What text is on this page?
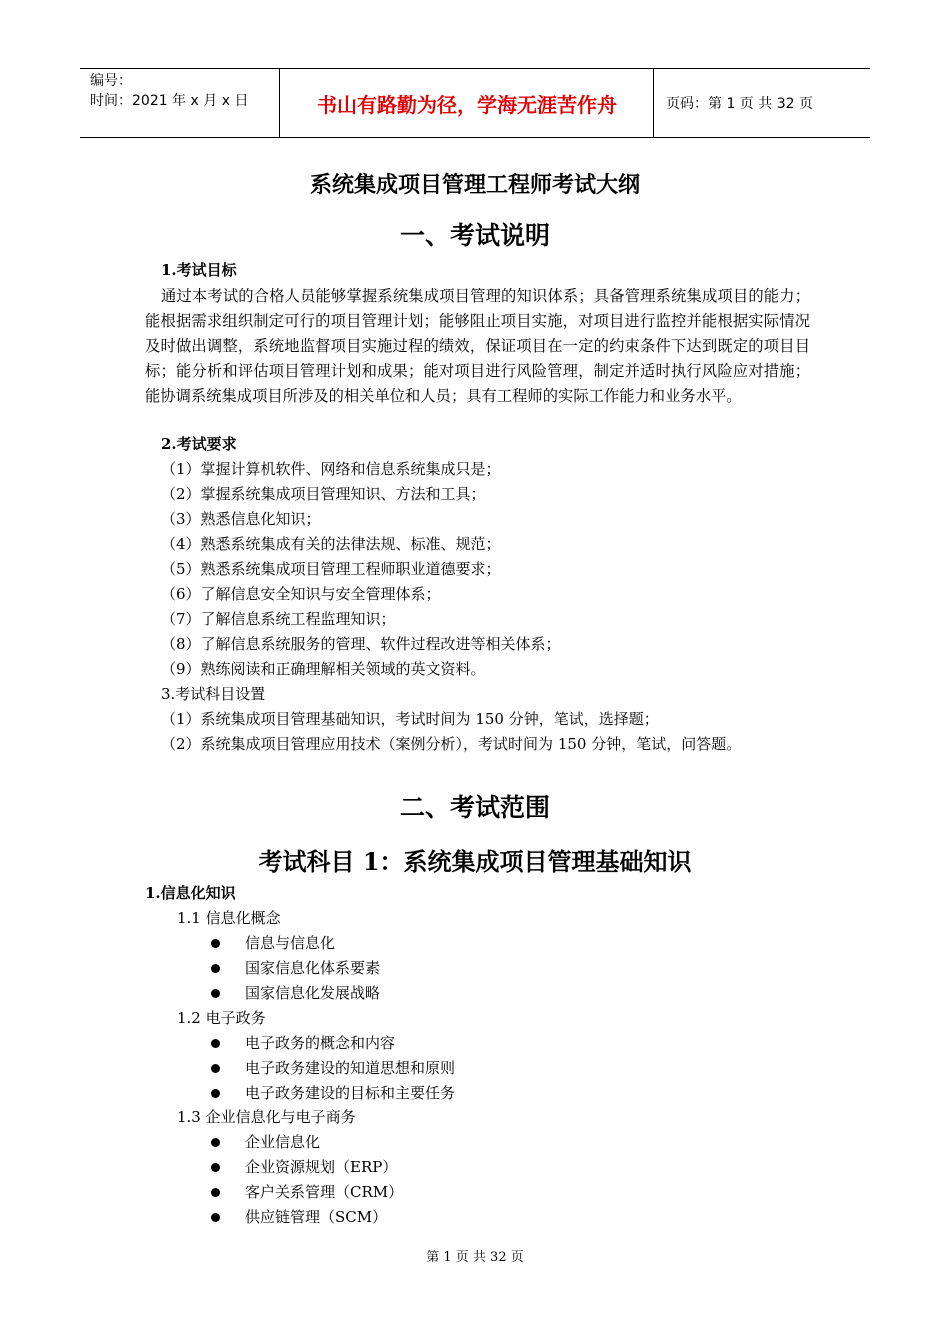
编号：
时间：2021 年 x 月 x 日	书山有路勤为径，学海无涯苦作舟	页码：第 1 页 共 32 页
系统集成项目管理工程师考试大纲
一、考试说明
1.考试目标
通过本考试的合格人员能够掌握系统集成项目管理的知识体系；具备管理系统集成项目的能力；能根据需求组织制定可行的项目管理计划；能够阻止项目实施，对项目进行监控并能根据实际情况及时做出调整，系统地监督项目实施过程的绩效，保证项目在一定的约束条件下达到既定的项目目标；能分析和评估项目管理计划和成果；能对项目进行风险管理，制定并适时执行风险应对措施；能协调系统集成项目所涉及的相关单位和人员；具有工程师的实际工作能力和业务水平。
2.考试要求
（1）掌握计算机软件、网络和信息系统集成只是；
（2）掌握系统集成项目管理知识、方法和工具；
（3）熟悉信息化知识；
（4）熟悉系统集成有关的法律法规、标准、规范；
（5）熟悉系统集成项目管理工程师职业道德要求；
（6）了解信息安全知识与安全管理体系；
（7）了解信息系统工程监理知识；
（8）了解信息系统服务的管理、软件过程改进等相关体系；
（9）熟练阅读和正确理解相关领域的英文资料。
3.考试科目设置
（1）系统集成项目管理基础知识，考试时间为 150 分钟，笔试，选择题；
（2）系统集成项目管理应用技术（案例分析），考试时间为 150 分钟，笔试，问答题。
二、考试范围
考试科目 1：系统集成项目管理基础知识
1.信息化知识
1.1 信息化概念
信息与信息化
国家信息化体系要素
国家信息化发展战略
1.2 电子政务
电子政务的概念和内容
电子政务建设的知道思想和原则
电子政务建设的目标和主要任务
1.3 企业信息化与电子商务
企业信息化
企业资源规划（ERP）
客户关系管理（CRM）
供应链管理（SCM）
第 1 页 共 32 页
